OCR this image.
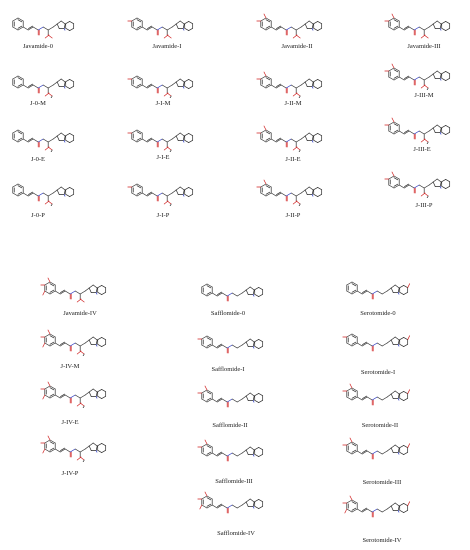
Javamide-0	Javamide-I	Javamide-II	Javamide-III
J-0-M	J-I-M	J-II-M
J-III-M
J-0-E	J-I-E	J-II-E
J-III-E
J-0-P	J-I-P	J-II-P
J-III-P
Javamide-IV
J-IV-M
J-IV-E
J-IV-P
Safflomide-0
Safflomide-I
Safflomide-II
Safflomide-III
Safflomide-IV
Serotomide-0
Serotomide-I
Serotomide-II
Serotomide-III
Serotomide-IV
